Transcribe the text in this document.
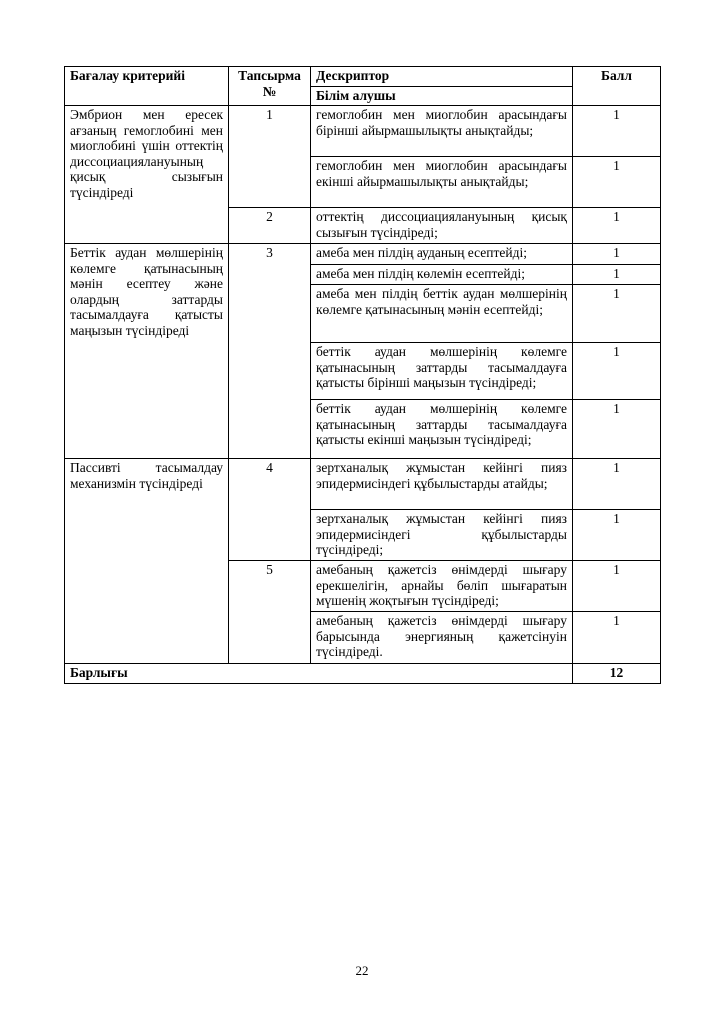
Бағалау критерийі	Тапсырма №	Дескриптор	Балл
		Білім алушы	
Эмбрион мен ересек ағзаның гемоглобині мен миоглобині үшін оттектің диссоциациялануының қисық сызығын түсіндіреді	1	гемоглобин мен миоглобин арасындағы бірінші айырмашылықты анықтайды;	1
		гемоглобин мен миоглобин арасындағы екінші айырмашылықты анықтайды;	1
	2	оттектің диссоциациялануының қисық сызығын түсіндіреді;	1
Беттік аудан мөлшерінің көлемге қатынасының мәнін есептеу және олардың заттарды тасымалдауға қатысты маңызын түсіндіреді	3	амеба мен пілдің ауданың есептейді;	1
		амеба мен пілдің көлемін есептейді;	1
		амеба мен пілдің беттік аудан мөлшерінің көлемге қатынасының мәнін есептейді;	1
		беттік аудан мөлшерінің көлемге қатынасының заттарды тасымалдауға қатысты бірінші маңызын түсіндіреді;	1
		беттік аудан мөлшерінің көлемге қатынасының заттарды тасымалдауға қатысты екінші маңызын түсіндіреді;	1
Пассивті тасымалдау механизмін түсіндіреді	4	зертханалық жұмыстан кейінгі пияз эпидермисіндегі құбылыстарды атайды;	1
		зертханалық жұмыстан кейінгі пияз эпидермисіндегі құбылыстарды түсіндіреді;	1
	5	амебаның қажетсіз өнімдерді шығару ерекшелігін, арнайы бөліп шығаратын мүшенің жоқтығын түсіндіреді;	1
		амебаның қажетсіз өнімдерді шығару барысында энергияның қажетсінуін түсіндіреді.	1
Барлығы			12
22
